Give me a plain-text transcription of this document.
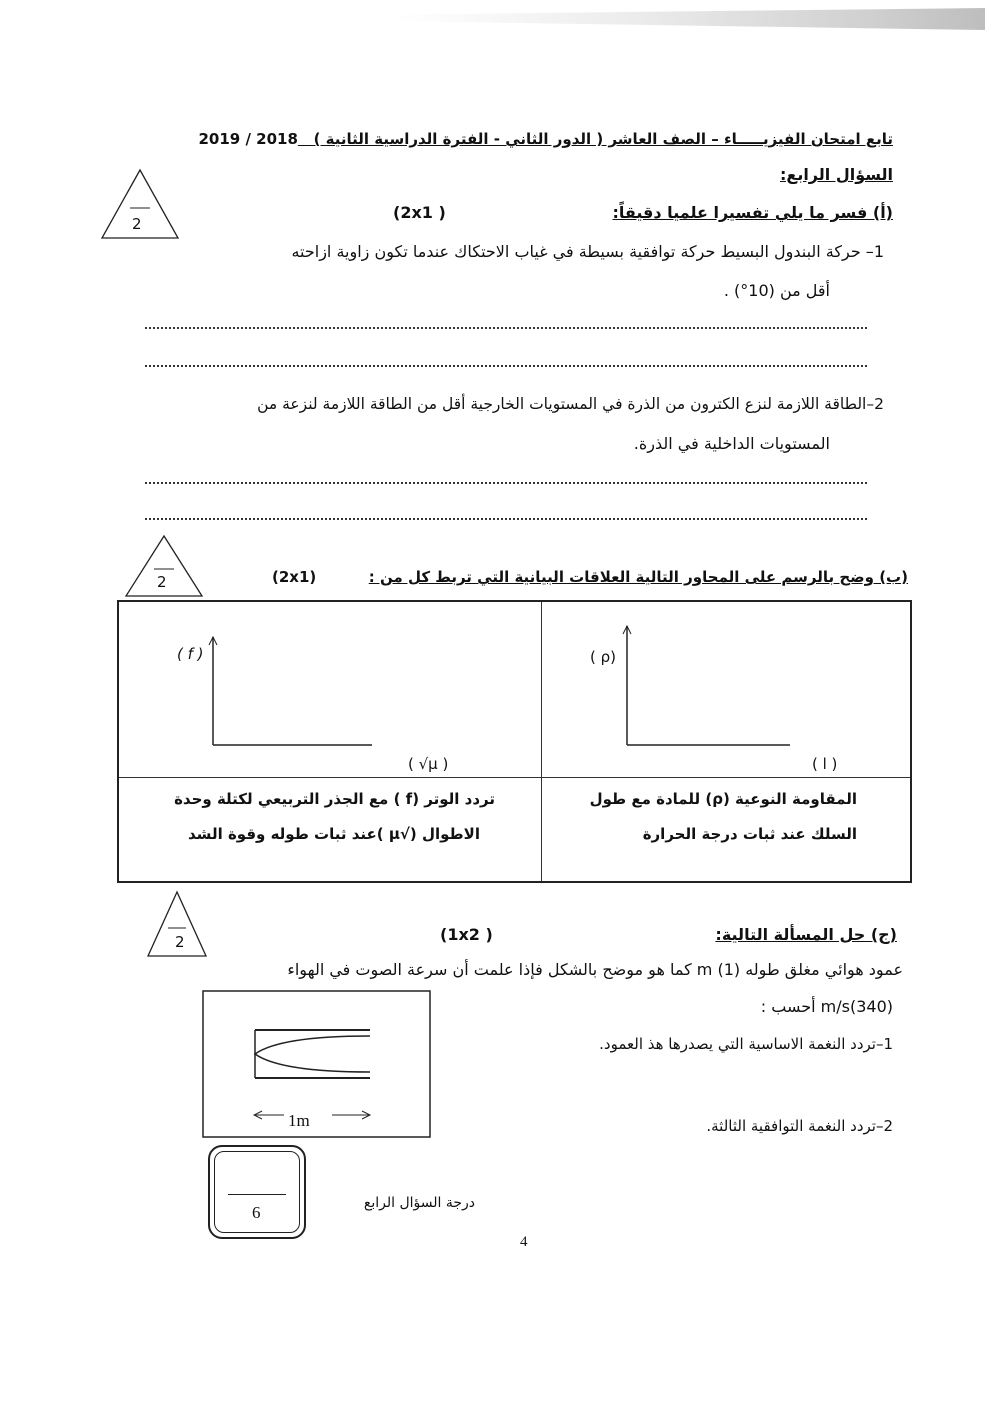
تابع امتحان الفيزيـــــاء – الصف العاشر ( الدور الثاني - الفترة الدراسية الثانية )   2019 / 2018
السؤال الرابع:
2
(أ) فسر ما يلي تفسيرا علميا دقيقاً:
(2x1 )
1– حركة البندول البسيط حركة توافقية بسيطة في غياب الاحتكاك عندما تكون زاوية ازاحته
أقل من (10°) .
2–الطاقة اللازمة لنزع الكترون من الذرة في المستويات الخارجية أقل من الطاقة اللازمة لنزعة من
المستويات الداخلية في الذرة.
2	(ب) وضح بالرسم على المحاور التالية العلاقات البيانية التي تربط كل من :
(2x1)
( f )
( √μ )
( ρ)
( l )
المقاومة النوعية (ρ) للمادة مع طول
السلك عند ثبات درجة الحرارة
تردد الوتر (f ) مع الجذر التربيعي لكتلة وحدة
الاطوال (√μ )عند ثبات طوله وقوة الشد
2	(ج) حل المسألة التالية:
(1x2 )
عمود هوائي مغلق طوله m (1) كما هو موضح بالشكل فإذا علمت أن سرعة الصوت في الهواء
(340)m/s أحسب :
1–تردد النغمة الاساسية التي يصدرها هذ العمود.
2–تردد النغمة التوافقية الثالثة.
1m
6	درجة السؤال الرابع
4
